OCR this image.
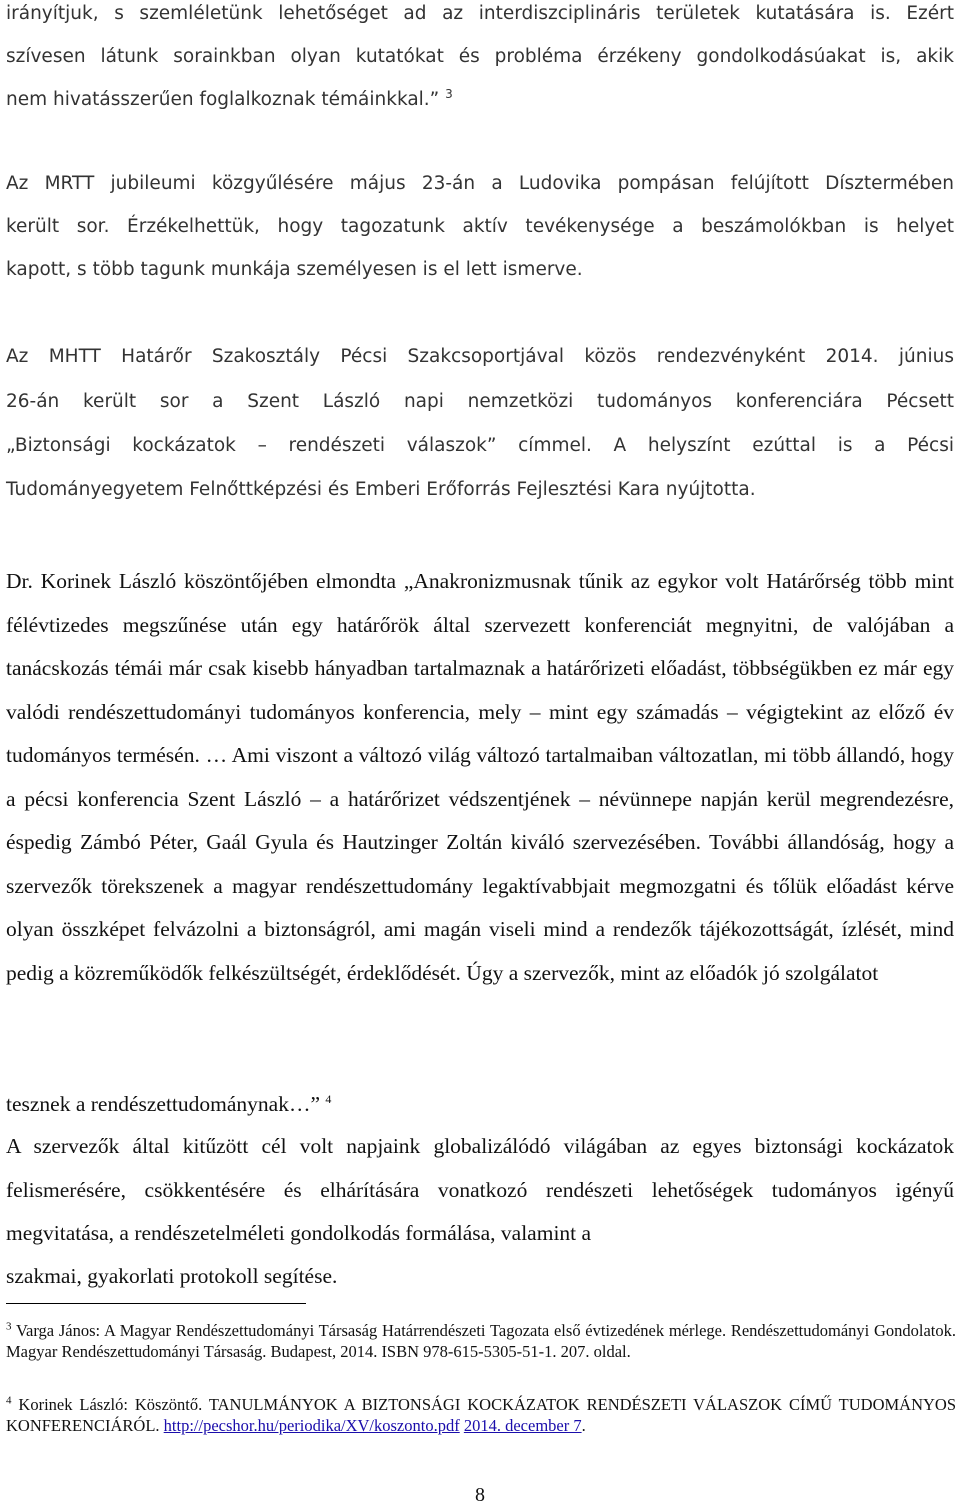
irányítjuk, s szemléletünk lehetőséget ad az interdiszciplináris területek kutatására is. Ezért

szívesen látunk sorainkban olyan kutatókat és probléma érzékeny gondolkodásúakat is, akik

nem hivatásszerűen foglalkoznak témáinkkal.” $^3$

Az MRTT jubileumi közgyűlésére május 23-án a Ludovika pompásan felújított Dísztermében

került sor. Érzékelhettük, hogy tagozatunk aktív tevékenysége a beszámolókban is helyet

kapott, s több tagunk munkája személyesen is el lett ismerve.

Az MHTT Határőr Szakosztály Pécsi Szakcsoportjával közös rendezvényként 2014. június

26-án került sor a Szent László napi nemzetközi tudományos konferenciára Pécsett

„Biztonsági kockázatok – rendészeti válaszok” címmel. A helyszínt ezúttal is a Pécsi

Tudományegyetem Felnőttképzési és Emberi Erőforrás Fejlesztési Kara nyújtotta.

Dr. Korinek László köszöntőjében elmondta „Anakronizmusnak tűnik az egykor volt Határőrség több mint félévtizedes megszűnése után egy határőrök által szervezett konferenciát megnyitni, de valójában a tanácskozás témái már csak kisebb hányadban tartalmaznak a határőrizeti előadást, többségükben ez már egy valódi rendészettudományi tudományos konferencia, mely – mint egy számadás – végigtekint az előző év tudományos termésén. … Ami viszont a változó világ változó tartalmaiban változatlan, mi több állandó, hogy a pécsi konferencia Szent László – a határőrizet védszentjének – névünnepe napján kerül megrendezésre, éspedig Zámbó Péter, Gaál Gyula és Hautzinger Zoltán kiváló szervezésében. További állandóság, hogy a szervezők törekszenek a magyar rendészettudomány legaktívabbjait megmozgatni és tőlük előadást kérve olyan összképet felvázolni a biztonságról, ami magán viseli mind a rendezők tájékozottságát, ízlését, mind pedig a közreműködők felkészültségét, érdeklődését. Úgy a szervezők, mint az előadók jó szolgálatot

tesznek a rendészettudománynak…” $^4$

A szervezők által kitűzött cél volt napjaink globalizálódó világában az egyes biztonsági kockázatok felismerésére, csökkentésére és elhárítására vonatkozó rendészeti lehetőségek tudományos igényű megvitatása, a rendészetelméleti gondolkodás formálása, valamint a

szakmai, gyakorlati protokoll segítése.

$^3$ Varga János: A Magyar Rendészettudományi Társaság Határrendészeti Tagozata első évtizedének mérlege. Rendészettudományi Gondolatok. Magyar Rendészettudományi Társaság. Budapest, 2014. ISBN 978-615-5305-51-1. 207. oldal.

$^4$ Korinek László: Köszöntő. TANULMÁNYOK A BIZTONSÁGI KOCKÁZATOK RENDÉSZETI VÁLASZOK CÍMŰ TUDOMÁNYOS KONFERENCIÁRÓL. http://pecshor.hu/periodika/XV/koszonto.pdf 2014. december 7.

8
